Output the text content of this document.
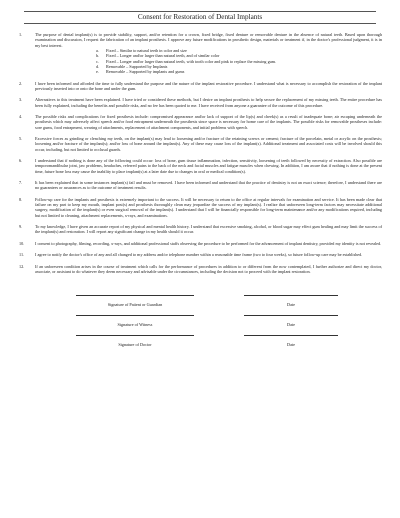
Consent for Restoration of Dental Implants
1.	The purpose of dental implant(s) is to provide stability, support, and/or retention for a crown, fixed bridge, fixed denture or removable denture in the absence of natural teeth. Based upon thorough examination and discussion, I request the fabrication of an implant prosthesis. I approve any future modifications in prosthetic design, materials or treatment if, in the doctor's professional judgment, it is in my best interest.
a.	Fixed – Similar to natural teeth in color and size
b.	Fixed – Longer and/or larger than natural teeth, and of similar color
c.	Fixed – Longer and/or larger than natural teeth, with tooth color and pink to replace the missing gum.
d.	Removable – Supported by Implants
e.	Removable – Supported by implants and gums
2.	I have been informed and afforded the time to fully understand the purpose and the nature of the implant restorative procedure. I understand what is necessary to accomplish the restoration of the implant previously inserted into or onto the bone and under the gum.
3.	Alternatives to this treatment have been explained. I have tried or considered these methods, but I desire an implant prosthesis to help secure the replacement of my missing teeth. The entire procedure has been fully explained, including the benefits and possible risks, and no fee has been quoted to me. I have received from anyone a guarantee of the outcome of this procedure.
4.	The possible risks and complications for fixed prosthesis include: compromised appearance and/or lack of support of the lip(s) and cheek(s) as a result of inadequate bone; air escaping underneath the prosthesis which may adversely affect speech and/or food entrapment underneath the prosthesis since space is necessary for home care of the implants. The possible risks for removable prostheses include: sore gums, food entrapment, wearing of attachments, replacement of attachment components, and initial problems with speech.
5.	Excessive forces as grinding or clenching my teeth, on the implant(s) may lead to loosening and/or fracture of the retaining screws or cement; fracture of the porcelain, metal or acrylic on the prosthesis; loosening and/or fracture of the implant(s); and/or loss of bone around the implant(s). Any of these may cause loss of the implant(s). Additional treatment and associated costs will be involved should this occur, including, but not limited to occlusal guards.
6.	I understand that if nothing is done any of the following could occur: loss of bone, gum tissue inflammation, infection, sensitivity, loosening of teeth followed by necessity of extraction. Also possible are temporomandibular joint, jaw problems, headaches, referred pains to the back of the neck and facial muscles and fatigue muscles when chewing. In addition, I am aware that if nothing is done at the present time, future bone loss may cause the inability to place implant(s) at a later date due to changes in oral or medical condition(s).
7.	It has been explained that in some instances implant(s) fail and must be removed. I have been informed and understand that the practice of dentistry is not an exact science; therefore, I understand there are no guarantees or assurances as to the outcome of treatment results.
8.	Follow-up care for the implants and prosthesis is extremely important to the success. It will be necessary to return to the office at regular intervals for examination and service. It has been made clear that failure on my part to keep my mouth, implant post(s) and prosthesis thoroughly clean may jeopardize the success of my implant(s). I realize that unforeseen long-term factors may necessitate additional surgery, modification of the implant(s) or even surgical removal of the implant(s). I understand that I will be financially responsible for long-term maintenance and/or any modifications required, including but not limited to cleaning, attachment replacements, x-rays, and examinations.
9.	To my knowledge, I have given an accurate report of my physical and mental health history. I understand that excessive smoking, alcohol, or blood sugar may effect gum healing and may limit the success of the implant(s) and restoration. I will report any significant change in my health should it occur.
10.	I consent to photography, filming, recording, x-rays, and additional professional staffs observing the procedure to be performed for the advancement of implant dentistry, provided my identity is not revealed.
11.	I agree to notify the doctor's office of any and all changed to my address and/or telephone number within a reasonable time frame (two to four weeks), so future follow-up care may be established.
12.	If an unforeseen condition arises in the course of treatment which calls for the performance of procedures in addition to or different from the now contemplated, I further authorize and direct my doctor, associate, or assistant to do whatever they deem necessary and advisable under the circumstances, including the decision not to proceed with the implant restoration.
Signature of Patient or Guardian	Date
Signature of Witness	Date
Signature of Doctor	Date
